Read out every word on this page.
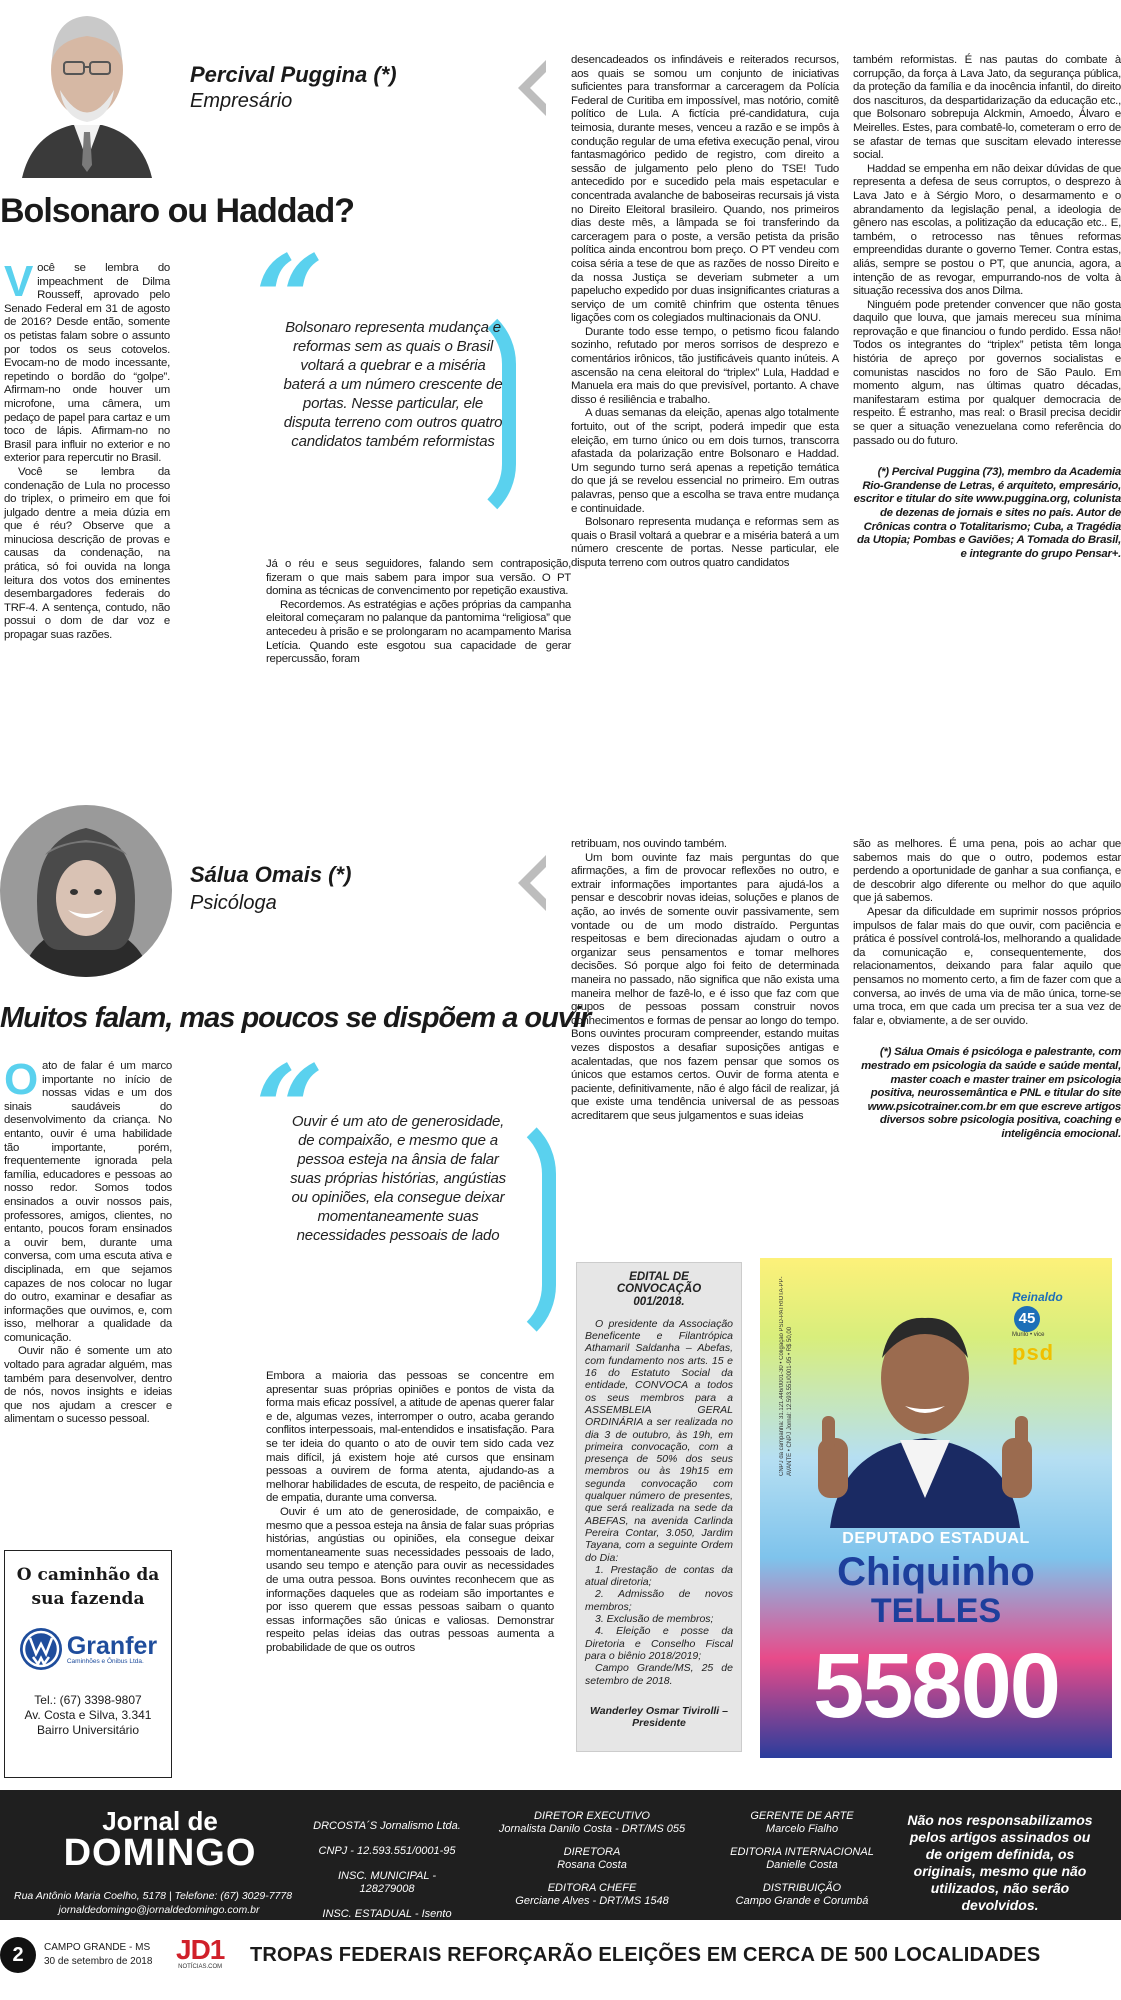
Percival Puggina (*)
Empresário
Bolsonaro ou Haddad?

Você se lembra do impeachment de Dilma Rousseff, aprovado pelo Senado Federal em 31 de agosto de 2016? Desde então, somente os petistas falam sobre o assunto por todos os seus cotovelos. Evocam-no de modo incessante, repetindo o bordão do “golpe”. Afirmam-no onde houver um microfone, uma câmera, um pedaço de papel para cartaz e um toco de lápis. Afirmam-no no Brasil para influir no exterior e no exterior para repercutir no Brasil.

Você se lembra da condenação de Lula no processo do triplex, o primeiro em que foi julgado dentre a meia dúzia em que é réu? Observe que a minuciosa descrição de provas e causas da condenação, na prática, só foi ouvida na longa leitura dos votos dos eminentes desembargadores federais do TRF-4. A sentença, contudo, não possui o dom de dar voz e propagar suas razões.

“
Bolsonaro representa mudança e reformas sem as quais o Brasil voltará a quebrar e a miséria baterá a um número crescente de portas. Nesse particular, ele disputa terreno com outros quatro candidatos também reformistas

Já o réu e seus seguidores, falando sem contraposição, fizeram o que mais sabem para impor sua versão. O PT domina as técnicas de convencimento por repetição exaustiva.

Recordemos. As estratégias e ações próprias da campanha eleitoral começaram no palanque da pantomima “religiosa” que antecedeu à prisão e se prolongaram no acampamento Marisa Letícia. Quando este esgotou sua capacidade de gerar repercussão, foram

desencadeados os infindáveis e reiterados recursos, aos quais se somou um conjunto de iniciativas suficientes para transformar a carceragem da Polícia Federal de Curitiba em impossível, mas notório, comitê político de Lula. A fictícia pré-candidatura, cuja teimosia, durante meses, venceu a razão e se impôs à condução regular de uma efetiva execução penal, virou fantasmagórico pedido de registro, com direito a sessão de julgamento pelo pleno do TSE! Tudo antecedido por e sucedido pela mais espetacular e concentrada avalanche de baboseiras recursais já vista no Direito Eleitoral brasileiro. Quando, nos primeiros dias deste mês, a lâmpada se foi transferindo da carceragem para o poste, a versão petista da prisão política ainda encontrou bom preço. O PT vendeu com coisa séria a tese de que as razões de nosso Direito e da nossa Justiça se deveriam submeter a um papelucho expedido por duas insignificantes criaturas a serviço de um comitê chinfrim que ostenta tênues ligações com os colegiados multinacionais da ONU.

Durante todo esse tempo, o petismo ficou falando sozinho, refutado por meros sorrisos de desprezo e comentários irônicos, tão justificáveis quanto inúteis. A ascensão na cena eleitoral do “triplex” Lula, Haddad e Manuela era mais do que previsível, portanto. A chave disso é resiliência e trabalho.

A duas semanas da eleição, apenas algo totalmente fortuito, out of the script, poderá impedir que esta eleição, em turno único ou em dois turnos, transcorra afastada da polarização entre Bolsonaro e Haddad. Um segundo turno será apenas a repetição temática do que já se revelou essencial no primeiro. Em outras palavras, penso que a escolha se trava entre mudança e continuidade.

Bolsonaro representa mudança e reformas sem as quais o Brasil voltará a quebrar e a miséria baterá a um número crescente de portas. Nesse particular, ele disputa terreno com outros quatro candidatos

também reformistas. É nas pautas do combate à corrupção, da força à Lava Jato, da segurança pública, da proteção da família e da inocência infantil, do direito dos nascituros, da despartidarização da educação etc., que Bolsonaro sobrepuja Alckmin, Amoedo, Álvaro e Meirelles. Estes, para combatê-lo, cometeram o erro de se afastar de temas que suscitam elevado interesse social.

Haddad se empenha em não deixar dúvidas de que representa a defesa de seus corruptos, o desprezo à Lava Jato e à Sérgio Moro, o desarmamento e o abrandamento da legislação penal, a ideologia de gênero nas escolas, a politização da educação etc.. E, também, o retrocesso nas tênues reformas empreendidas durante o governo Temer. Contra estas, aliás, sempre se postou o PT, que anuncia, agora, a intenção de as revogar, empurrando-nos de volta à situação recessiva dos anos Dilma.

Ninguém pode pretender convencer que não gosta daquilo que louva, que jamais mereceu sua mínima reprovação e que financiou o fundo perdido. Essa não! Todos os integrantes do “triplex” petista têm longa história de apreço por governos socialistas e comunistas nascidos no foro de São Paulo. Em momento algum, nas últimas quatro décadas, manifestaram estima por qualquer democracia de respeito. É estranho, mas real: o Brasil precisa decidir se quer a situação venezuelana como referência do passado ou do futuro.

(*) Percival Puggina (73), membro da Academia Rio-Grandense de Letras, é arquiteto, empresário, escritor e titular do site www.puggina.org, colunista de dezenas de jornais e sites no país. Autor de Crônicas contra o Totalitarismo; Cuba, a Tragédia da Utopia; Pombas e Gaviões; A Tomada do Brasil, e integrante do grupo Pensar+.

Sálua Omais (*)
Psicóloga
Muitos falam, mas poucos se dispõem a ouvir

Oato de falar é um marco importante no início de nossas vidas e um dos sinais saudáveis do desenvolvimento da criança. No entanto, ouvir é uma habilidade tão importante, porém, frequentemente ignorada pela família, educadores e pessoas ao nosso redor. Somos todos ensinados a ouvir nossos pais, professores, amigos, clientes, no entanto, poucos foram ensinados a ouvir bem, durante uma conversa, com uma escuta ativa e disciplinada, em que sejamos capazes de nos colocar no lugar do outro, examinar e desafiar as informações que ouvimos, e, com isso, melhorar a qualidade da comunicação.

Ouvir não é somente um ato voltado para agradar alguém, mas também para desenvolver, dentro de nós, novos insights e ideias que nos ajudam a crescer e alimentam o sucesso pessoal.

“
Ouvir é um ato de generosidade, de compaixão, e mesmo que a pessoa esteja na ânsia de falar suas próprias histórias, angústias ou opiniões, ela consegue deixar momentaneamente suas necessidades pessoais de lado

Embora a maioria das pessoas se concentre em apresentar suas próprias opiniões e pontos de vista da forma mais eficaz possível, a atitude de apenas querer falar e de, algumas vezes, interromper o outro, acaba gerando conflitos interpessoais, mal-entendidos e insatisfação. Para se ter ideia do quanto o ato de ouvir tem sido cada vez mais difícil, já existem hoje até cursos que ensinam pessoas a ouvirem de forma atenta, ajudando-as a melhorar habilidades de escuta, de respeito, de paciência e de empatia, durante uma conversa.

Ouvir é um ato de generosidade, de compaixão, e mesmo que a pessoa esteja na ânsia de falar suas próprias histórias, angústias ou opiniões, ela consegue deixar momentaneamente suas necessidades pessoais de lado, usando seu tempo e atenção para ouvir as necessidades de uma outra pessoa. Bons ouvintes reconhecem que as informações daqueles que as rodeiam são importantes e por isso querem que essas pessoas saibam o quanto essas informações são únicas e valiosas. Demonstrar respeito pelas ideias das outras pessoas aumenta a probabilidade de que os outros

retribuam, nos ouvindo também.

Um bom ouvinte faz mais perguntas do que afirmações, a fim de provocar reflexões no outro, e extrair informações importantes para ajudá-los a pensar e descobrir novas ideias, soluções e planos de ação, ao invés de somente ouvir passivamente, sem vontade ou de um modo distraído. Perguntas respeitosas e bem direcionadas ajudam o outro a organizar seus pensamentos e tomar melhores decisões. Só porque algo foi feito de determinada maneira no passado, não significa que não exista uma maneira melhor de fazê-lo, e é isso que faz com que grupos de pessoas possam construir novos conhecimentos e formas de pensar ao longo do tempo. Bons ouvintes procuram compreender, estando muitas vezes dispostos a desafiar suposições antigas e acalentadas, que nos fazem pensar que somos os únicos que estamos certos. Ouvir de forma atenta e paciente, definitivamente, não é algo fácil de realizar, já que existe uma tendência universal de as pessoas acreditarem que seus julgamentos e suas ideias

são as melhores. É uma pena, pois ao achar que sabemos mais do que o outro, podemos estar perdendo a oportunidade de ganhar a sua confiança, e de descobrir algo diferente ou melhor do que aquilo que já sabemos.

Apesar da dificuldade em suprimir nossos próprios impulsos de falar mais do que ouvir, com paciência e prática é possível controlá-los, melhorando a qualidade da comunicação e, consequentemente, dos relacionamentos, deixando para falar aquilo que pensamos no momento certo, a fim de fazer com que a conversa, ao invés de uma via de mão única, torne-se uma troca, em que cada um precisa ter a sua vez de falar e, obviamente, a de ser ouvido.

(*) Sálua Omais é psicóloga e palestrante, com mestrado em psicologia da saúde e saúde mental, master coach e master trainer em psicologia positiva, neurossemântica e PNL e titular do site www.psicotrainer.com.br em que escreve artigos diversos sobre psicologia positiva, coaching e inteligência emocional.

O caminhão da sua fazenda
Granfer
Caminhões e Ônibus Ltda.
Tel.: (67) 3398-9807
Av. Costa e Silva, 3.341
Bairro Universitário
EDITAL DE CONVOCAÇÃO 001/2018.
O presidente da Associação Beneficente e Filantrópica Athamaril Saldanha – Abefas, com fundamento nos arts. 15 e 16 do Estatuto Social da entidade, CONVOCA a todos os seus membros para a ASSEMBLEIA GERAL ORDINÁRIA a ser realizada no dia 3 de outubro, às 19h, em primeira convocação, com a presença de 50% dos seus membros ou às 19h15 em segunda convocação com qualquer número de presentes, que será realizada na sede da ABEFAS, na avenida Carlinda Pereira Contar, 3.050, Jardim Tayana, com a seguinte Ordem do Dia:
1. Prestação de contas da atual diretoria;
2. Admissão de novos membros;
3. Exclusão de membros;
4. Eleição e posse da Diretoria e Conselho Fiscal para o biênio 2018/2019;
Campo Grande/MS, 25 de setembro de 2018.
Wanderley Osmar Tivirolli – Presidente
CNPJ da campanha: 31.121.446/0001-30 • Coligação PSD-PATRIOTA-PP-AVANTE • CNPJ Jornal: 12.593.551/0001-95 • R$ 50,00
Reinaldo 45
Murilo • vice
psd
DEPUTADO ESTADUAL
Chiquinho
TELLES
55800
Jornal de
DOMINGO
Rua Antônio Maria Coelho, 5178 | Telefone: (67) 3029-7778
jornaldedomingo@jornaldedomingo.com.br
DRCOSTA´S Jornalismo Ltda.
CNPJ - 12.593.551/0001-95
INSC. MUNICIPAL - 128279008
INSC. ESTADUAL - Isento
DIRETOR EXECUTIVO
Jornalista Danilo Costa - DRT/MS 055
DIRETORA
Rosana Costa
EDITORA CHEFE
Gerciane Alves - DRT/MS 1548
GERENTE DE ARTE
Marcelo Fialho
EDITORIA INTERNACIONAL
Danielle Costa
DISTRIBUIÇÃO
Campo Grande e Corumbá
Não nos responsabilizamos pelos artigos assinados ou de origem definida, os originais, mesmo que não utilizados, não serão devolvidos.
2	CAMPO GRANDE - MS
30 de setembro de 2018 JD1
NOTÍCIAS.COM
TROPAS FEDERAIS REFORÇARÃO ELEIÇÕES EM CERCA DE 500 LOCALIDADES
